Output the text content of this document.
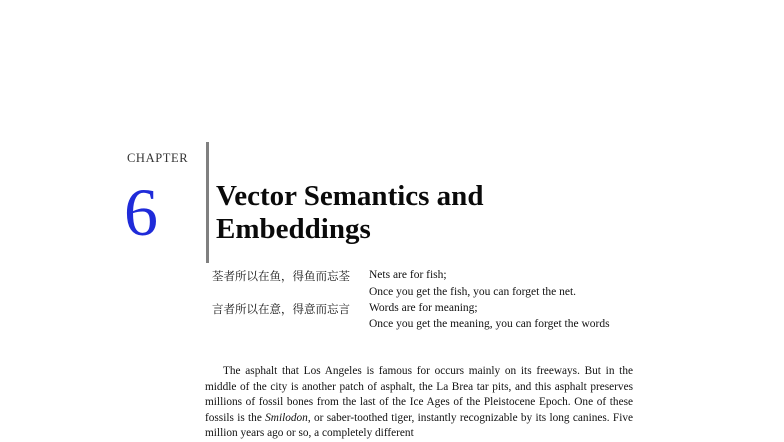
CHAPTER
6 Vector Semantics and
Embeddings
荃者所以在鱼，得鱼而忘荃 Nets are for fish;
Once you get the fish, you can forget the net.
言者所以在意，得意而忘言 Words are for meaning;
Once you get the meaning, you can forget the words

The asphalt that Los Angeles is famous for occurs mainly on its freeways. But in the middle of the city is another patch of asphalt, the La Brea tar pits, and this asphalt preserves millions of fossil bones from the last of the Ice Ages of the Pleistocene Epoch. One of these fossils is the Smilodon, or saber-toothed tiger, instantly recognizable by its long canines. Five million years ago or so, a completely different
